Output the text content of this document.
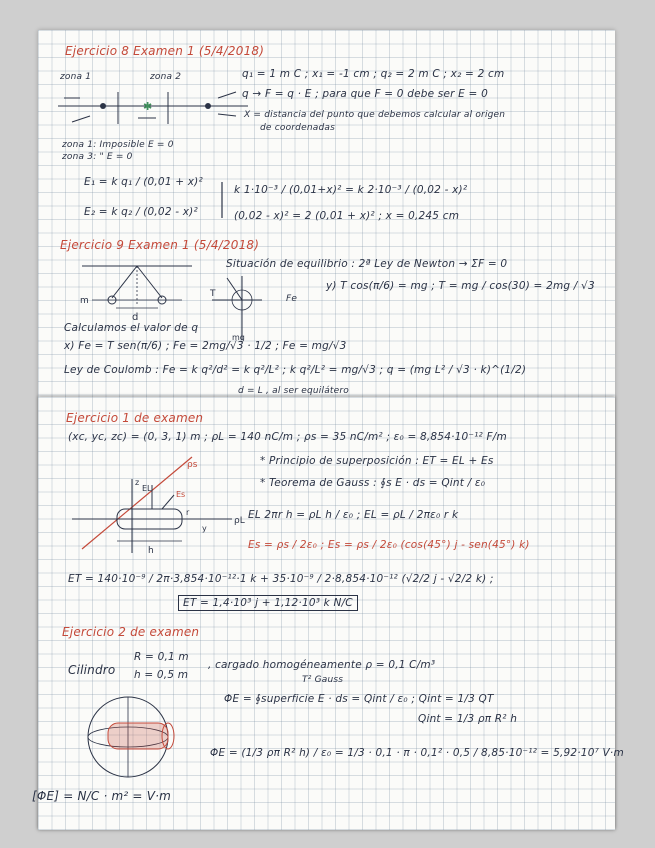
Ejercicio 8 Examen 1 (5/4/2018)
zona 1	zona 2	q₁ = 1 m C ; x₁ = -1 cm ; q₂ = 2 m C ; x₂ = 2 cm
q → F = q · E ; para que F = 0 debe ser E = 0
X = distancia del punto que debemos calcular al origen
de coordenadas
zona 1: Imposible E = 0
zona 3: " E = 0
E₁ = k q₁ / (0,01 + x)²
E₂ = k q₂ / (0,02 - x)²
k 1·10⁻³ / (0,01+x)² = k 2·10⁻³ / (0,02 - x)²
(0,02 - x)² = 2 (0,01 + x)² ; x = 0,245 cm
✱
Ejercicio 9 Examen 1 (5/4/2018)
Situación de equilibrio : 2ª Ley de Newton → ΣF = 0
y) T cos(π/6) = mg ; T = mg / cos(30) = 2mg / √3
Calculamos el valor de q
x) Fe = T sen(π/6) ; Fe = 2mg/√3 · 1/2 ; Fe = mg/√3
Ley de Coulomb : Fe = k q²/d² = k q²/L² ; k q²/L² = mg/√3 ; q = (mg L² / √3 · k)^(1/2)
d = L , al ser equilátero
d
m
T
mg
Fe
Ejercicio 1 de examen
(xc, yc, zc) = (0, 3, 1) m ; ρL = 140 nC/m ; ρs = 35 nC/m² ; ε₀ = 8,854·10⁻¹² F/m
* Principio de superposición : ET = EL + Es
* Teorema de Gauss : ∮s E · ds = Qint / ε₀
EL 2πr h = ρL h / ε₀ ; EL = ρL / 2πε₀ r k
Es = ρs / 2ε₀ ; Es = ρs / 2ε₀ (cos(45°) j - sen(45°) k)
ET = 140·10⁻⁹ / 2π·3,854·10⁻¹²·1 k + 35·10⁻⁹ / 2·8,854·10⁻¹² (√2/2 j - √2/2 k) ;
ET = 1,4·10³ j + 1,12·10³ k N/C
h
ρs
ρL
EL
Es
r
y
z
Ejercicio 2 de examen
Cilindro
R = 0,1 m
h = 0,5 m
, cargado homogéneamente ρ = 0,1 C/m³
T² Gauss
ΦE = ∮superficie E · ds = Qint / ε₀ ; Qint = 1/3 QT
Qint = 1/3 ρπ R² h
ΦE = (1/3 ρπ R² h) / ε₀ = 1/3 · 0,1 · π · 0,1² · 0,5 / 8,85·10⁻¹² = 5,92·10⁷ V·m
[ΦE] = N/C · m² = V·m
